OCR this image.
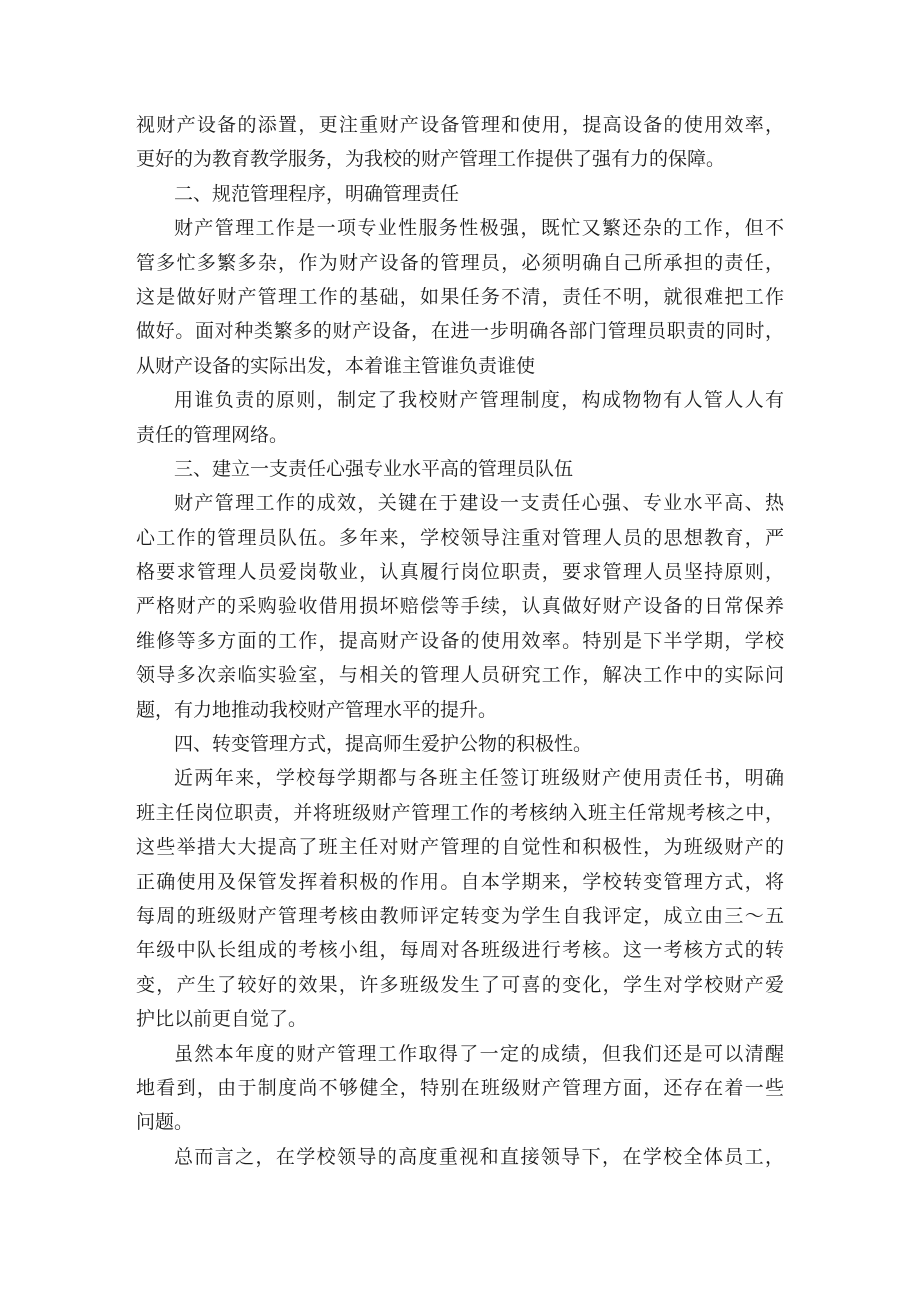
视财产设备的添置，更注重财产设备管理和使用，提高设备的使用效率，
更好的为教育教学服务，为我校的财产管理工作提供了强有力的保障。
二、规范管理程序，明确管理责任
财产管理工作是一项专业性服务性极强，既忙又繁还杂的工作，但不
管多忙多繁多杂，作为财产设备的管理员，必须明确自己所承担的责任，
这是做好财产管理工作的基础，如果任务不清，责任不明，就很难把工作
做好。面对种类繁多的财产设备，在进一步明确各部门管理员职责的同时，
从财产设备的实际出发，本着谁主管谁负责谁使
用谁负责的原则，制定了我校财产管理制度，构成物物有人管人人有
责任的管理网络。
三、建立一支责任心强专业水平高的管理员队伍
财产管理工作的成效，关键在于建设一支责任心强、专业水平高、热
心工作的管理员队伍。多年来，学校领导注重对管理人员的思想教育，严
格要求管理人员爱岗敬业，认真履行岗位职责，要求管理人员坚持原则，
严格财产的采购验收借用损坏赔偿等手续，认真做好财产设备的日常保养
维修等多方面的工作，提高财产设备的使用效率。特别是下半学期，学校
领导多次亲临实验室，与相关的管理人员研究工作，解决工作中的实际问
题，有力地推动我校财产管理水平的提升。
四、转变管理方式，提高师生爱护公物的积极性。
近两年来，学校每学期都与各班主任签订班级财产使用责任书，明确
班主任岗位职责，并将班级财产管理工作的考核纳入班主任常规考核之中，
这些举措大大提高了班主任对财产管理的自觉性和积极性，为班级财产的
正确使用及保管发挥着积极的作用。自本学期来，学校转变管理方式，将
每周的班级财产管理考核由教师评定转变为学生自我评定，成立由三～五
年级中队长组成的考核小组，每周对各班级进行考核。这一考核方式的转
变，产生了较好的效果，许多班级发生了可喜的变化，学生对学校财产爱
护比以前更自觉了。
虽然本年度的财产管理工作取得了一定的成绩，但我们还是可以清醒
地看到，由于制度尚不够健全，特别在班级财产管理方面，还存在着一些
问题。
总而言之，在学校领导的高度重视和直接领导下，在学校全体员工，
